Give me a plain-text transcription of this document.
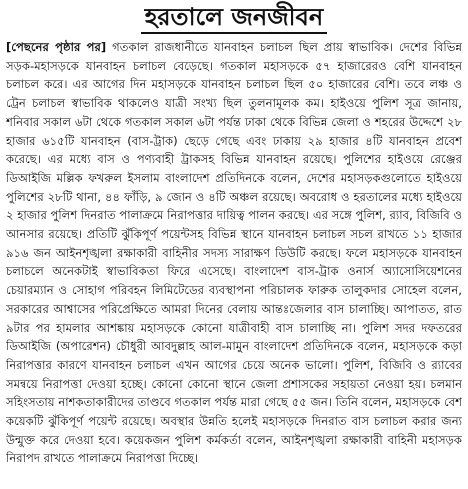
হরতালে জনজীবন

[পেছনের পৃষ্ঠার পর] গতকাল রাজধানীতে যানবাহন চলাচল ছিল প্রায় স্বাভাবিক। দেশের বিভিন্ন সড়ক-মহাসড়কে যানবাহন চলাচল বেড়েছে। গতকাল মহাসড়কে ৫৭ হাজারেরও বেশি যানবাহন চলাচল করে। এর আগের দিন মহাসড়কে যানবাহন চলাচল ছিল ৫০ হাজারের বেশি। তবে লঞ্চ ও ট্রেন চলাচল স্বাভাবিক থাকলেও যাত্রী সংখ্য ছিল তুলনামূলক কম। হাইওয়ে পুলিশ সূত্র জানায়, শনিবার সকাল ৬টা থেকে গতকাল সকাল ৬টা পর্যন্ত ঢাকা থেকে বিভিন্ন জেলা ও শহরের উদ্দেশে ২৮ হাজার ৬১৫টি যানবাহন (বাস-ট্রাক) ছেড়ে গেছে এবং ঢাকায় ২৯ হাজার ৪টি যানবাহন প্রবেশ করেছে। এর মধ্যে বাস ও পণ্যবাহী ট্রাকসহ বিভিন্ন যানবাহন রয়েছে। পুলিশের হাইওয়ে রেঞ্জের ডিআইজি মল্লিক ফখরুল ইসলাম বাংলাদেশ প্রতিদিনকে বলেন, দেশের মহাসড়কগুলোতে হাইওয়ে পুলিশের ২৮টি থানা, ৪৪ ফাঁড়ি, ৯ জোন ও ৪টি অঞ্চল রয়েছে। অবরোধ ও হরতালের মধ্যে হাইওয়ে ২ হাজার পুলিশ দিনরাত পালাক্রমে নিরাপত্তার দায়িত্ব পালন করছে। এর সঙ্গে পুলিশ, র‌্যাব, বিজিবি ও আনসার রয়েছে। প্রতিটি ঝুঁকিপূর্ণ পয়েন্টসহ বিভিন্ন স্থানে যানবাহন চলাচল সচল রাখতে ১১ হাজার ৯১৬ জন আইনশৃঙ্খলা রক্ষাকারী বাহিনীর সদস্য সারাক্ষণ ডিউটি করছে। ফলে মহাসড়কে যানবাহন চলাচলে অনেকটাই স্বাভাবিকতা ফিরে এসেছে। বাংলাদেশ বাস-ট্রাক ওনার্স অ্যাসোসিয়েশনের চেয়ারম্যান ও সোহাগ পরিবহন লিমিটেডের ব্যবস্থাপনা পরিচালক ফারুক তালুকদার সোহেল বলেন, সরকারের আশ্বাসের পরিপ্রেক্ষিতে আমরা দিনের বেলায় আন্তঃজেলার বাস চালাচ্ছি। আপাতত, রাত ৯টার পর হামলার আশঙ্কায় মহাসড়কে কোনো যাত্রীবাহী বাস চালাচ্ছি না। পুলিশ সদর দফতরের ডিআইজি (অপারেশন) চৌধুরী আবদুল্লাহ আল-মামুন বাংলাদেশ প্রতিদিনকে বলেন, মহাসড়কে কড়া নিরাপত্তার কারণে যানবাহন চলাচল এখন আগের চেয়ে অনেক ভালো। পুলিশ, বিজিবি ও র‌্যাবের সমন্বয়ে নিরাপত্তা দেওয়া হচ্ছে। কোনো কোনো স্থানে জেলা প্রশাসকের সহায়তা নেওয়া হয়। চলমান সহিংসতায় নাশকতাকারীদের তাণ্ডবে গতকাল পর্যন্ত মারা গেছে ৫৫ জন। তিনি বলেন, মহাসড়কে বেশ কয়েকটি ঝুঁকিপূর্ণ পয়েন্ট রয়েছে। অবস্থার উন্নতি হলেই মহাসড়কে দিনরাত বাস চলাচল করার জন্য উন্মুক্ত করে দেওয়া হবে। কয়েকজন পুলিশ কর্মকর্তা বলেন, আইনশৃঙ্খলা রক্ষাকারী বাহিনী মহাসড়ক নিরাপদ রাখতে পালাক্রমে নিরাপত্তা দিচ্ছে।
